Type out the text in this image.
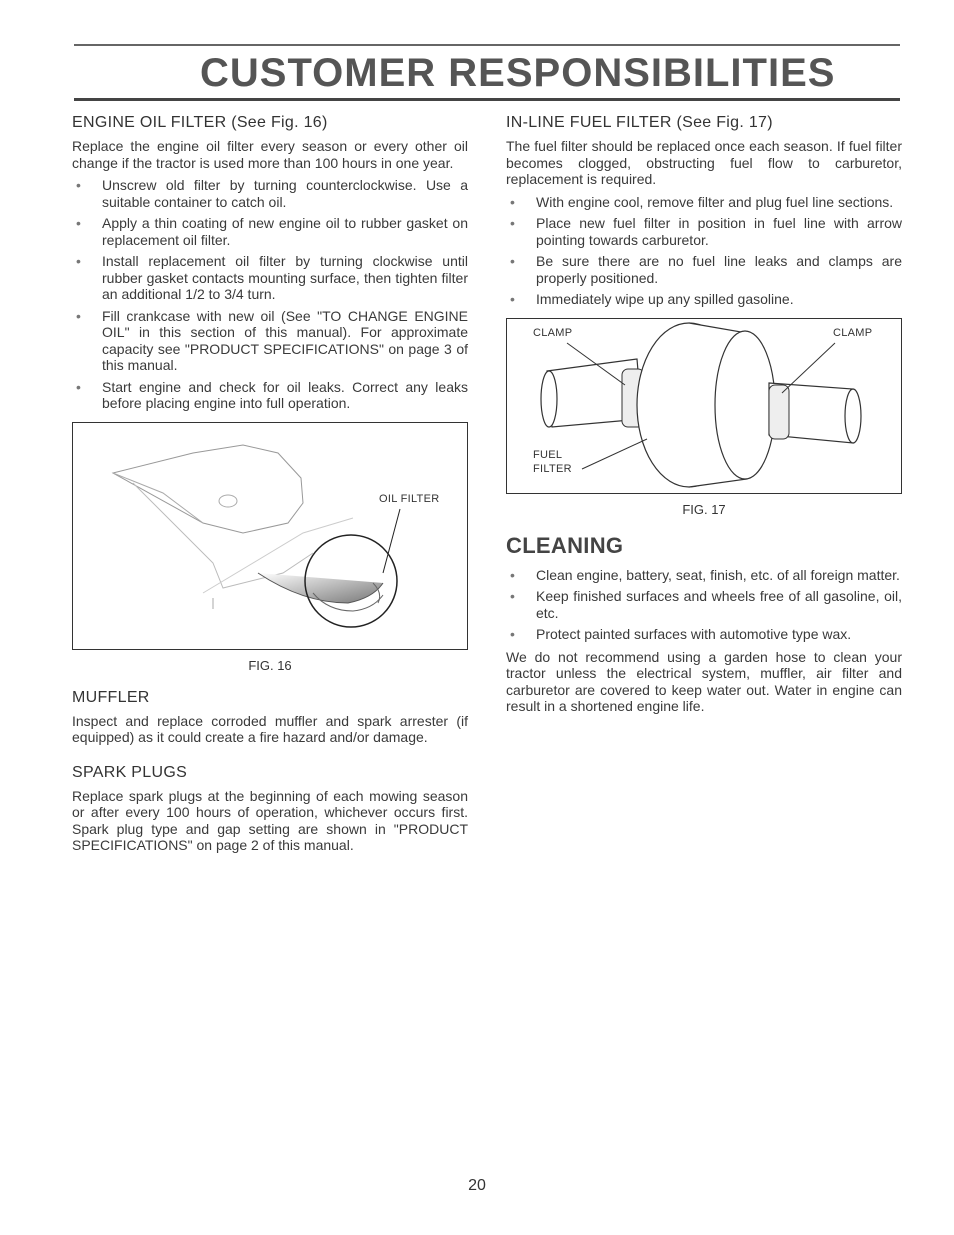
CUSTOMER RESPONSIBILITIES
ENGINE OIL FILTER (See Fig. 16)

Replace the engine oil filter every season or every other oil change if the tractor is used more than 100 hours in one year.

• Unscrew old filter by turning counterclockwise. Use a suitable container to catch oil.
• Apply a thin coating of new engine oil to rubber gasket on replacement oil filter.
• Install replacement oil filter by turning clockwise until rubber gasket contacts mounting surface, then tighten filter an additional 1/2 to 3/4 turn.
• Fill crankcase with new oil (See "TO CHANGE ENGINE OIL" in this section of this manual). For approximate capacity see "PRODUCT SPECIFICATIONS" on page 3 of this manual.
• Start engine and check for oil leaks. Correct any leaks before placing engine into full operation.
OIL FILTER
FIG. 16
MUFFLER

Inspect and replace corroded muffler and spark arrester (if equipped) as it could create a fire hazard and/or damage.

SPARK PLUGS

Replace spark plugs at the beginning of each mowing season or after every 100 hours of operation, whichever occurs first. Spark plug type and gap setting are shown in "PRODUCT SPECIFICATIONS" on page 2 of this manual.

IN-LINE FUEL FILTER (See Fig. 17)

The fuel filter should be replaced once each season. If fuel filter becomes clogged, obstructing fuel flow to carburetor, replacement is required.

• With engine cool, remove filter and plug fuel line sections.
• Place new fuel filter in position in fuel line with arrow pointing towards carburetor.
• Be sure there are no fuel line leaks and clamps are properly positioned.
• Immediately wipe up any spilled gasoline.
CLAMP	CLAMP
FUEL
FILTER
FIG. 17
CLEANING
• Clean engine, battery, seat, finish, etc. of all foreign matter.
• Keep finished surfaces and wheels free of all gasoline, oil, etc.
• Protect painted surfaces with automotive type wax.

We do not recommend using a garden hose to clean your tractor unless the electrical system, muffler, air filter and carburetor are covered to keep water out. Water in engine can result in a shortened engine life.

20
